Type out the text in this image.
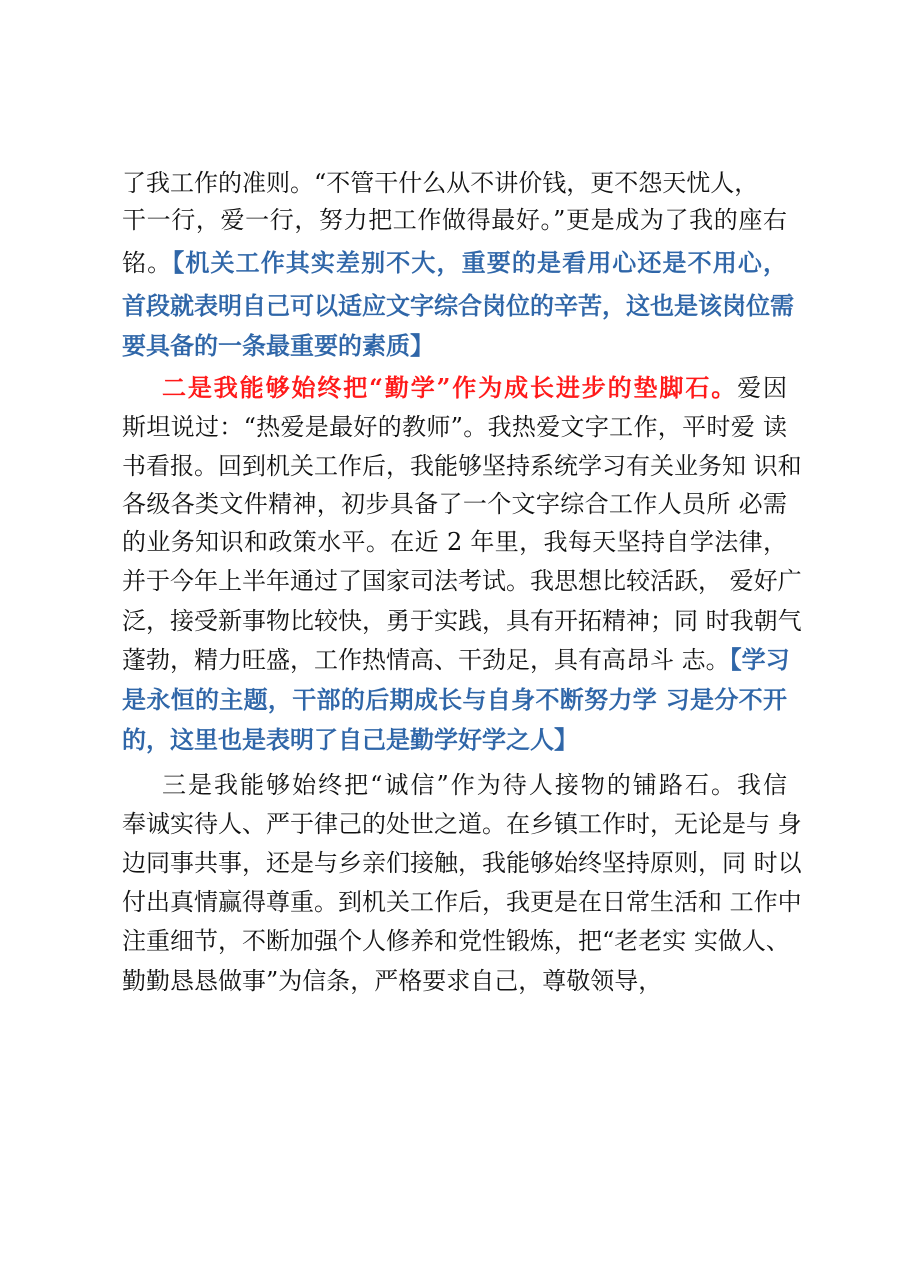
了我工作的准则。“不管干什么从不讲价钱，更不怨天忧人，
干一行，爱一行，努力把工作做得最好。”更是成为了我的座右
铭。【机关工作其实差别不大，重要的是看用心还是不用心，
首段就表明自己可以适应文字综合岗位的辛苦，这也是该岗位需
要具备的一条最重要的素质】
二是我能够始终把“勤学”作为成长进步的垫脚石。爱因
斯坦说过：“热爱是最好的教师”。我热爱文字工作，平时爱 读
书看报。回到机关工作后，我能够坚持系统学习有关业务知 识和
各级各类文件精神，初步具备了一个文字综合工作人员所 必需
的业务知识和政策水平。在近 2 年里，我每天坚持自学法律，
并于今年上半年通过了国家司法考试。我思想比较活跃， 爱好广
泛，接受新事物比较快，勇于实践，具有开拓精神；同 时我朝气
蓬勃，精力旺盛，工作热情高、干劲足，具有高昂斗 志。【学习
是永恒的主题，干部的后期成长与自身不断努力学 习是分不开
的，这里也是表明了自己是勤学好学之人】
三是我能够始终把“诚信”作为待人接物的铺路石。我信
奉诚实待人、严于律己的处世之道。在乡镇工作时，无论是与 身
边同事共事，还是与乡亲们接触，我能够始终坚持原则，同 时以
付出真情赢得尊重。到机关工作后，我更是在日常生活和 工作中
注重细节，不断加强个人修养和党性锻炼，把“老老实 实做人、
勤勤恳恳做事”为信条，严格要求自己，尊敬领导，
